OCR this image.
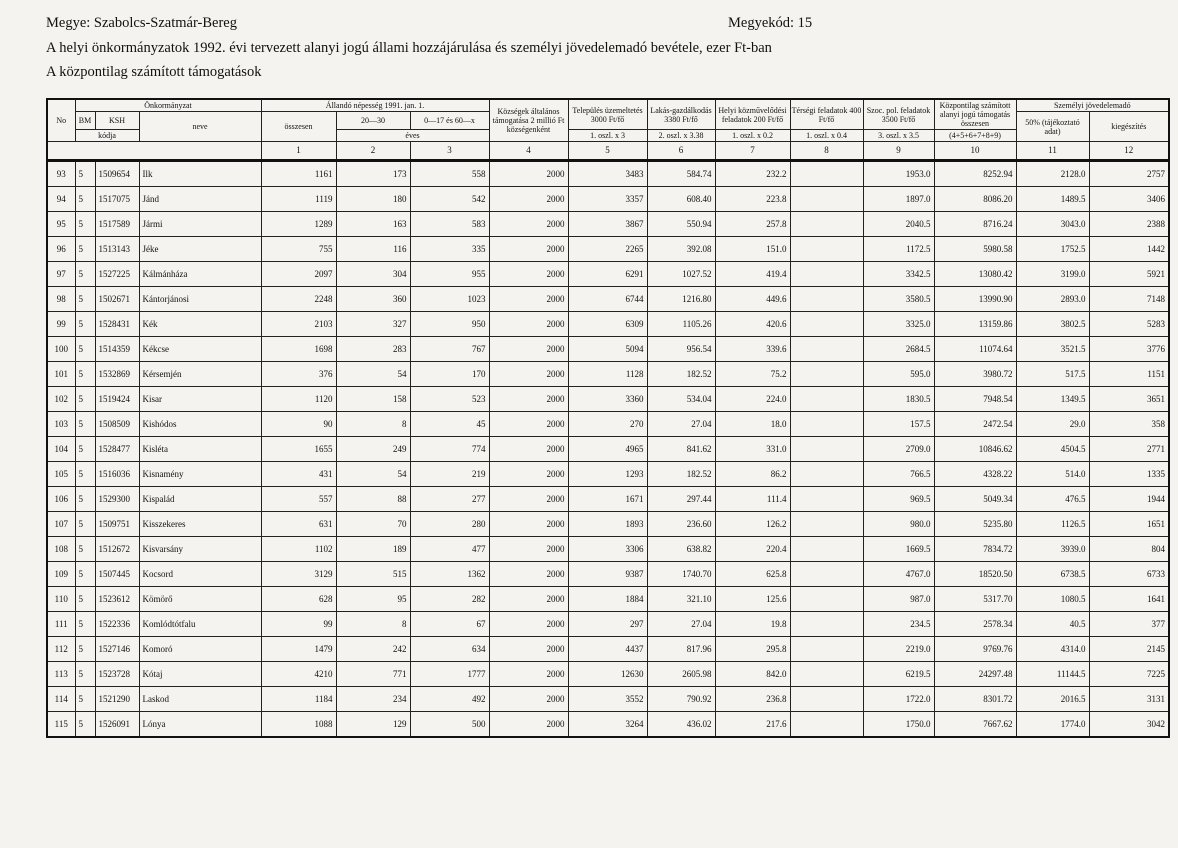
Megye: Szabolcs-Szatmár-Bereg	Megyekód: 15
A helyi önkormányzatok 1992. évi tervezett alanyi jogú állami hozzájárulása és személyi jövedelemadó bevétele, ezer Ft-ban
A központilag számított támogatások
No	Önkormányzat			Állandó népesség 1991. jan. 1.			Községek általános támogatása 2 millió Ft községenként	Település üzemeltetés 3000 Ft/fő	Lakás-gazdálkodás 3380 Ft/fő	Helyi közművelődési feladatok 200 Ft/fő	Térségi feladatok 400 Ft/fő	Szoc. pol. feladatok 3500 Ft/fő	Központilag számított alanyi jogú támogatás összesen	Személyi jövedelemadó	
	BM	KSH	neve	összesen	20—30	0—17 és 60—x								50% (tájékoztató adat)	kiegészítés
	kódja				éves			1. oszl. x 3	2. oszl. x 3.38	1. oszl. x 0.2	1. oszl. x 0.4	3. oszl. x 3.5	(4+5+6+7+8+9)		
				1	2	3	4	5	6	7	8	9	10	11	12
93	5	1509654	Ilk	1161	173	558	2000	3483	584.74	232.2		1953.0	8252.94	2128.0	2757
94	5	1517075	Jánd	1119	180	542	2000	3357	608.40	223.8		1897.0	8086.20	1489.5	3406
95	5	1517589	Jármi	1289	163	583	2000	3867	550.94	257.8		2040.5	8716.24	3043.0	2388
96	5	1513143	Jéke	755	116	335	2000	2265	392.08	151.0		1172.5	5980.58	1752.5	1442
97	5	1527225	Kálmánháza	2097	304	955	2000	6291	1027.52	419.4		3342.5	13080.42	3199.0	5921
98	5	1502671	Kántorjánosi	2248	360	1023	2000	6744	1216.80	449.6		3580.5	13990.90	2893.0	7148
99	5	1528431	Kék	2103	327	950	2000	6309	1105.26	420.6		3325.0	13159.86	3802.5	5283
100	5	1514359	Kékcse	1698	283	767	2000	5094	956.54	339.6		2684.5	11074.64	3521.5	3776
101	5	1532869	Kérsemjén	376	54	170	2000	1128	182.52	75.2		595.0	3980.72	517.5	1151
102	5	1519424	Kisar	1120	158	523	2000	3360	534.04	224.0		1830.5	7948.54	1349.5	3651
103	5	1508509	Kishódos	90	8	45	2000	270	27.04	18.0		157.5	2472.54	29.0	358
104	5	1528477	Kisléta	1655	249	774	2000	4965	841.62	331.0		2709.0	10846.62	4504.5	2771
105	5	1516036	Kisnamény	431	54	219	2000	1293	182.52	86.2		766.5	4328.22	514.0	1335
106	5	1529300	Kispalád	557	88	277	2000	1671	297.44	111.4		969.5	5049.34	476.5	1944
107	5	1509751	Kisszekeres	631	70	280	2000	1893	236.60	126.2		980.0	5235.80	1126.5	1651
108	5	1512672	Kisvarsány	1102	189	477	2000	3306	638.82	220.4		1669.5	7834.72	3939.0	804
109	5	1507445	Kocsord	3129	515	1362	2000	9387	1740.70	625.8		4767.0	18520.50	6738.5	6733
110	5	1523612	Kömörő	628	95	282	2000	1884	321.10	125.6		987.0	5317.70	1080.5	1641
111	5	1522336	Komlódtótfalu	99	8	67	2000	297	27.04	19.8		234.5	2578.34	40.5	377
112	5	1527146	Komoró	1479	242	634	2000	4437	817.96	295.8		2219.0	9769.76	4314.0	2145
113	5	1523728	Kótaj	4210	771	1777	2000	12630	2605.98	842.0		6219.5	24297.48	11144.5	7225
114	5	1521290	Laskod	1184	234	492	2000	3552	790.92	236.8		1722.0	8301.72	2016.5	3131
115	5	1526091	Lónya	1088	129	500	2000	3264	436.02	217.6		1750.0	7667.62	1774.0	3042
